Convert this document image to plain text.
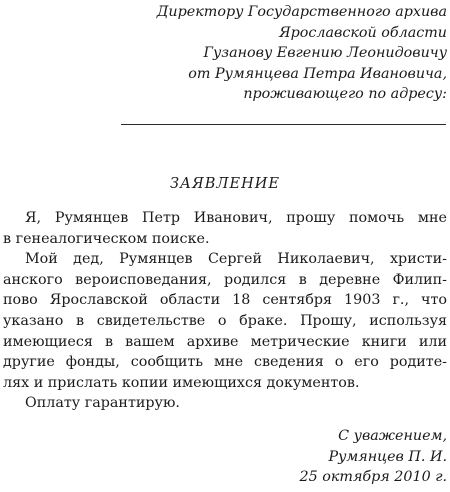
Директору Государственного архива
Ярославской области
Гузанову Евгению Леонидовичу
от Румянцева Петра Ивановича,
проживающего по адресу:
ЗАЯВЛЕНИЕ
Я, Румянцев Петр Иванович, прошу помочь мне
в генеалогическом поиске.
Мой дед, Румянцев Сергей Николаевич, христи-
анского вероисповедания, родился в деревне Филип-
пово Ярославской области 18 сентября 1903 г., что
указано в свидетельстве о браке. Прошу, используя
имеющиеся в вашем архиве метрические книги или
другие фонды, сообщить мне сведения о его родите-
лях и прислать копии имеющихся документов.
Оплату гарантирую.
С уважением,
Румянцев П. И.
25 октября 2010 г.
